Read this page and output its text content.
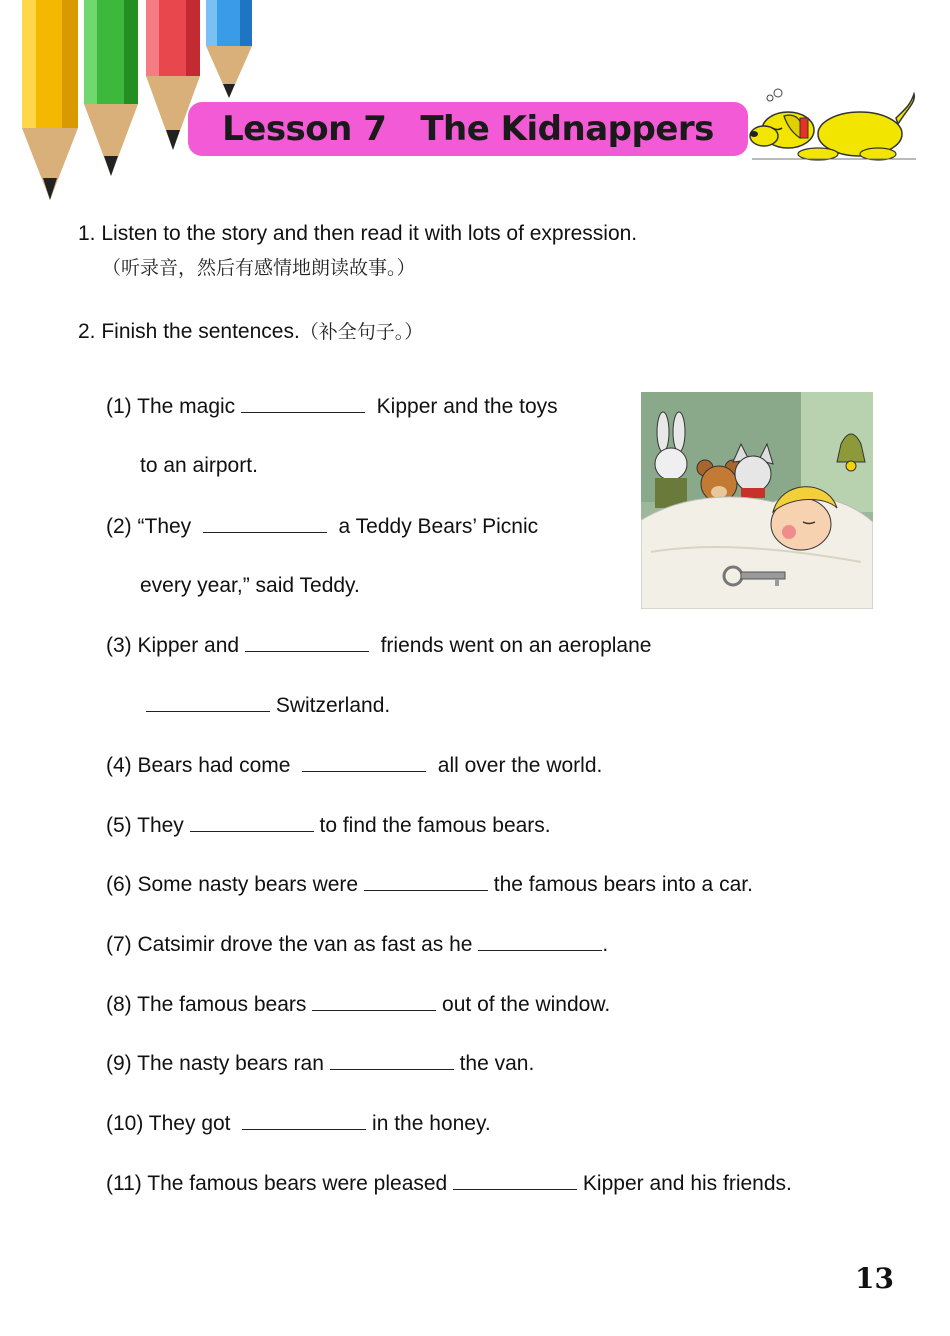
Lesson 7   The Kidnappers
1. Listen to the story and then read it with lots of expression.
（听录音，然后有感情地朗读故事。）
2. Finish the sentences.（补全句子。）
(1) The magic	Kipper and the toys
to an airport.
(2) “They	a Teddy Bears’ Picnic
every year,” said Teddy.
(3) Kipper and	friends went on an aeroplane
Switzerland.
(4) Bears had come	all over the world.
(5) They	to find the famous bears.
(6) Some nasty bears were	the famous bears into a car.
(7) Catsimir drove the van as fast as he	.
(8) The famous bears	out of the window.
(9) The nasty bears ran	the van.
(10) They got	in the honey.
(11) The famous bears were pleased	Kipper and his friends.
13
